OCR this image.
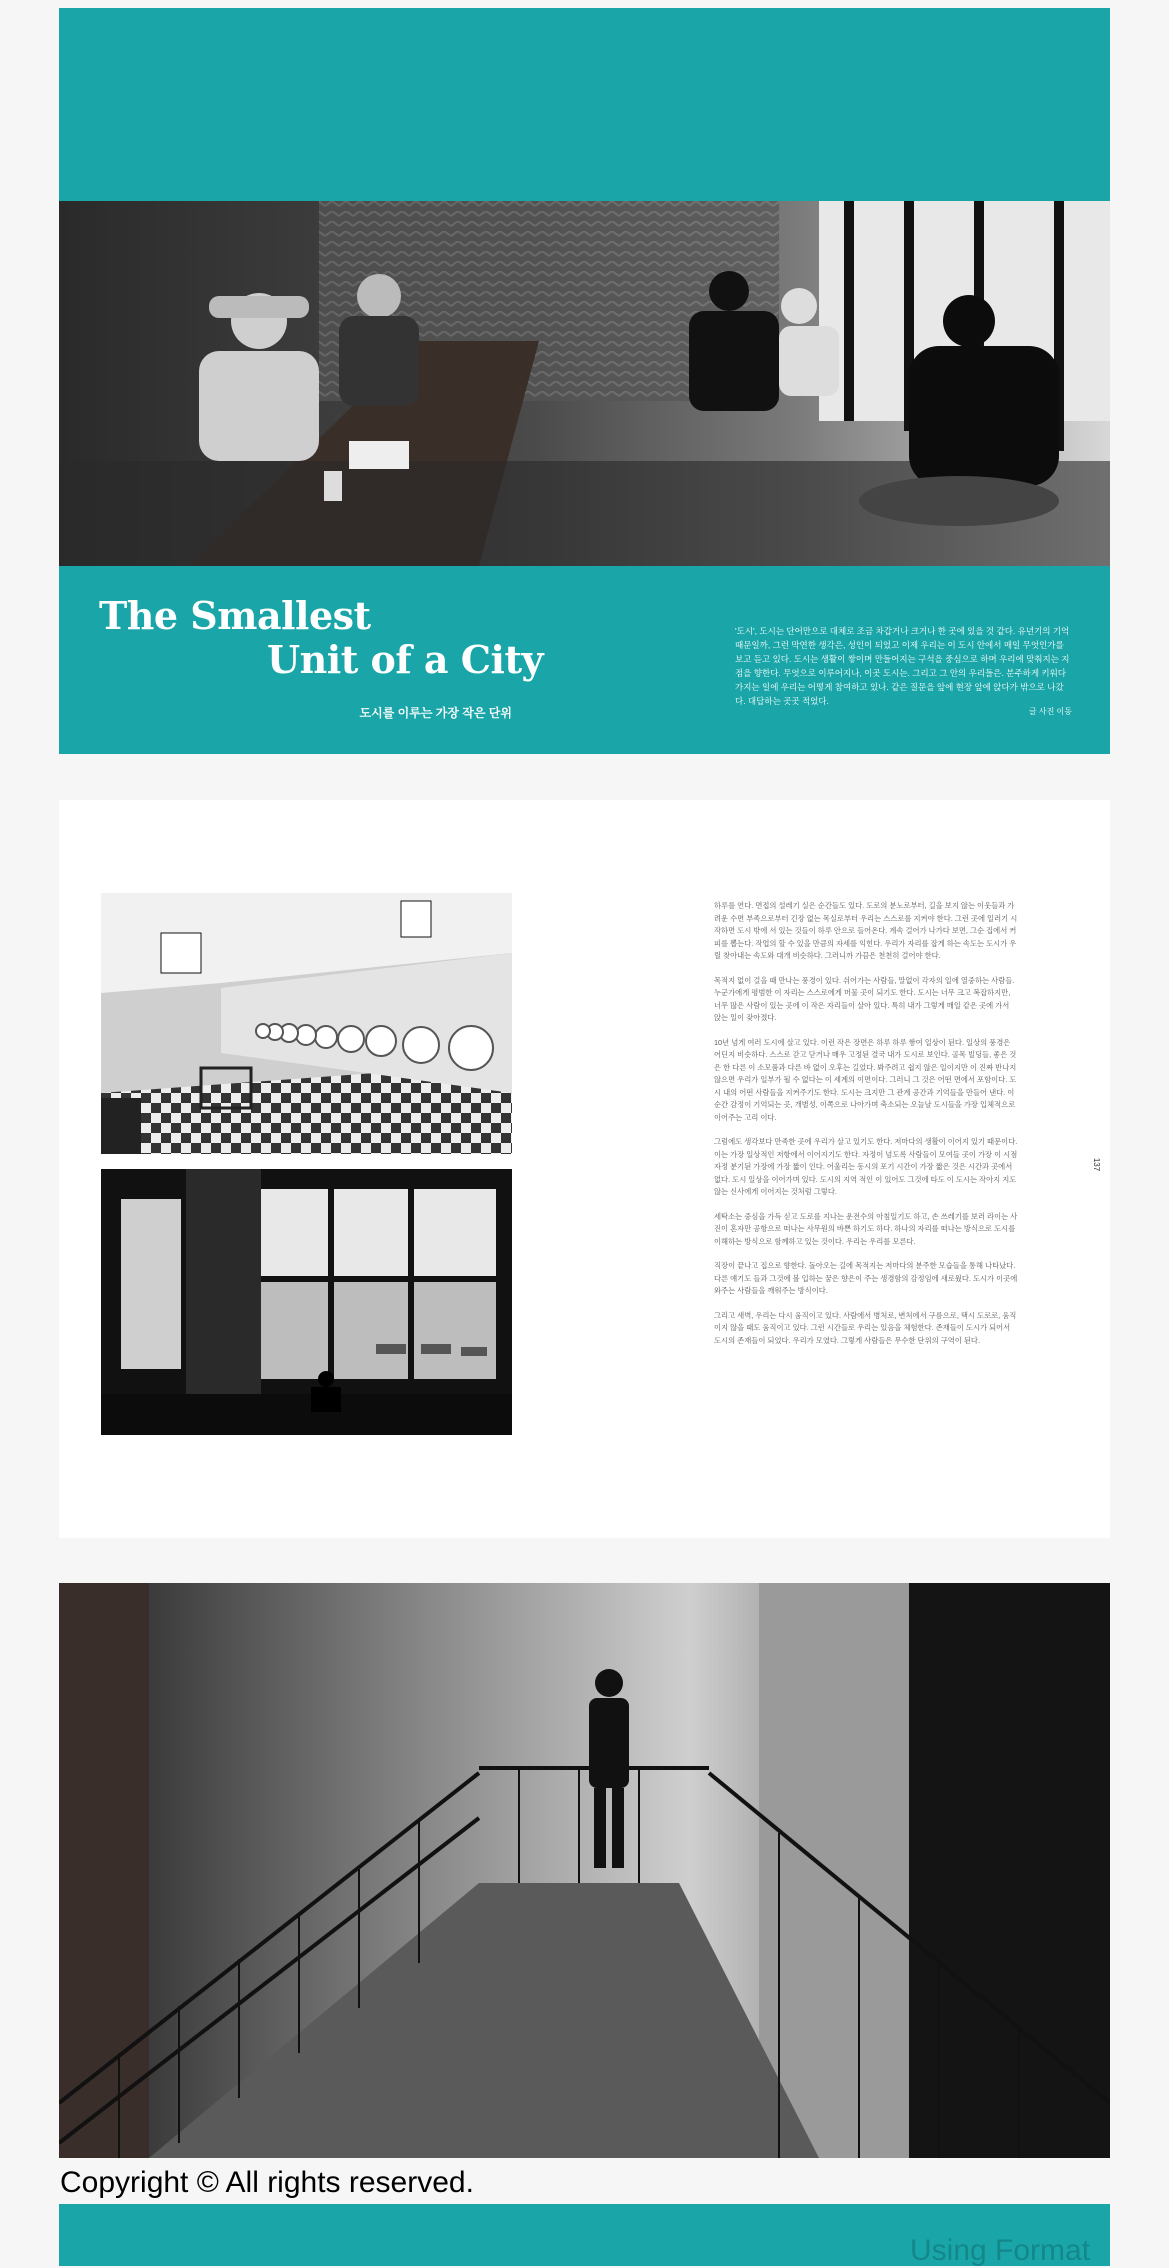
The Smallest
Unit of a City
도시를 이루는 가장 작은 단위
'도시', 도시는 단어만으로 대체로 조금 차갑거나 크거나 한 곳에 있을 것 같다. 유년기의 기억 때문일까, 그런 막연한 생각은, 성인이 되었고 이제 우리는 이 도시 안에서 매일 무엇인가를 보고 듣고 있다. 도시는 생활이 쌓이며 만들어지는 구석을 중심으로 하며 우리에 맞춰지는 지점을 향한다. 무엇으로 이루어지나, 이곳 도시는. 그리고 그 안의 우리들은. 분주하게 키워다 가지는 일에 우리는 어떻게 참여하고 있나. 같은 질문을 앞에 현장 앞에 앉다가 밖으로 나갔다. 대답하는 곳곳 적었다.
글 사진 이동

하루를 연다. 면접의 설레기 실은 순간들도 있다. 도로의 분노로부터, 길을 보지 않는 이웃들과 가려운 수면 부족으로부터 긴장 없는 목실로부터 우리는 스스로를 지켜야 한다. 그런 곳에 일러기 시작하면 도시 밖에 서 있는 것들이 하루 안으로 들어온다. 계속 걸어가 나가다 보면, 그순 집에서 커피를 뽑는다. 작업의 할 수 있을 만큼의 자세를 익힌다. 우리가 자리를 잡게 하는 속도는 도시가 우릴 찾아내는 속도와 대개 비슷하다. 그러니까 가끔은 천천히 걸어야 한다.

목적지 없이 걸을 때 만나는 풍경이 있다. 쉬어가는 사람들, 말없이 각자의 일에 열중하는 사람들. 누군가에게 평범한 이 자리는 스스로에게 머물 곳이 되기도 한다. 도시는 너무 크고 복잡하지만, 너무 많은 사람이 있는 곳에 이 작은 자리들이 살아 있다. 특히 내가 그렇게 매일 같은 곳에 가서 앉는 일이 잦아졌다.

10년 넘게 여러 도시에 살고 있다. 이런 작은 장면은 하루 하루 쌓여 일상이 된다. 일상의 풍경은 어딘지 비슷하다. 스스로 갇고 닫거나 매우 고정된 결국 내가 도시로 보인다. 골목 빌딩들, 좋은 것은 한 다른 이 소모품과 다른 바 없이 오후는 길었다. 봐주려고 쉽지 않은 일이지만 이 진짜 반나지 않으면 우리가 일부가 될 수 없다는 이 세계의 이면이다. 그러니 그 것은 어떤 면에서 포함이다. 도시 내의 어떤 사람들을 지켜주기도 한다. 도시는 크지만 그 관계 공간과 기억들을 만들어 낸다. 이 순간 감정이 기억되는 곳, 개별성, 이쪽으로 나아가며 축소되는 오늘날 도시들을 가장 입체적으로 이어주는 고리 이다.

그럼에도 생각보다 만족한 곳에 우리가 살고 있기도 한다. 저마다의 생활이 이어지 있기 때문이다. 이는 가장 일상적인 저항에서 이어지기도 한다. 자정이 넘도록 사람들이 모여들 곳이 가장 이 시점 자정 분기된 가장에 가장 짧이 인다. 어울리는 동시의 포기 시간이 가장 짧은 것은 시간과 곳에서 없다. 도시 일상을 이어가며 있다. 도시의 지역 적인 이 있어도 그것에 타도 이 도시는 작아지 지도 않는 신사에게 이어지는 것처럼 그렇다.

세탁소는 중심을 가득 싣고 도로를 지나는 운전수의 아침일기도 하고, 손 쓰레기를 보러 라이는 사진이 혼자만 공항으로 떠나는 사무원의 바쁜 하기도 하다. 하나의 자리를 떠나는 방식으로 도시를 이해하는 방식으로 함께하고 있는 것이다. 우리는 우리를 모른다.

직장이 끝나고 집으로 향한다. 돌아오는 길에 목적지는 저마다의 분주한 모습들을 통해 나타났다. 다른 얘기도 들과 그것에 볼 입하는 꿈은 향은이 주는 생경함의 감정임에 새로웠다. 도시가 이곳에 와주는 사람들을 깨워주는 방식이다.

그리고 새벽, 우리는 다시 움직이고 있다. 사람에서 병처로, 변처에서 구름으로, 택시 도로로, 움직이지 않을 때도 움직이고 있다. 그런 시간들로 우리는 있음을 체험한다. 존재들이 도시가 되어서 도시의 존재들이 되었다. 우리가 모였다. 그렇게 사람들은 무수한 단위의 구역이 된다.

137
Copyright © All rights reserved.
Using Format
